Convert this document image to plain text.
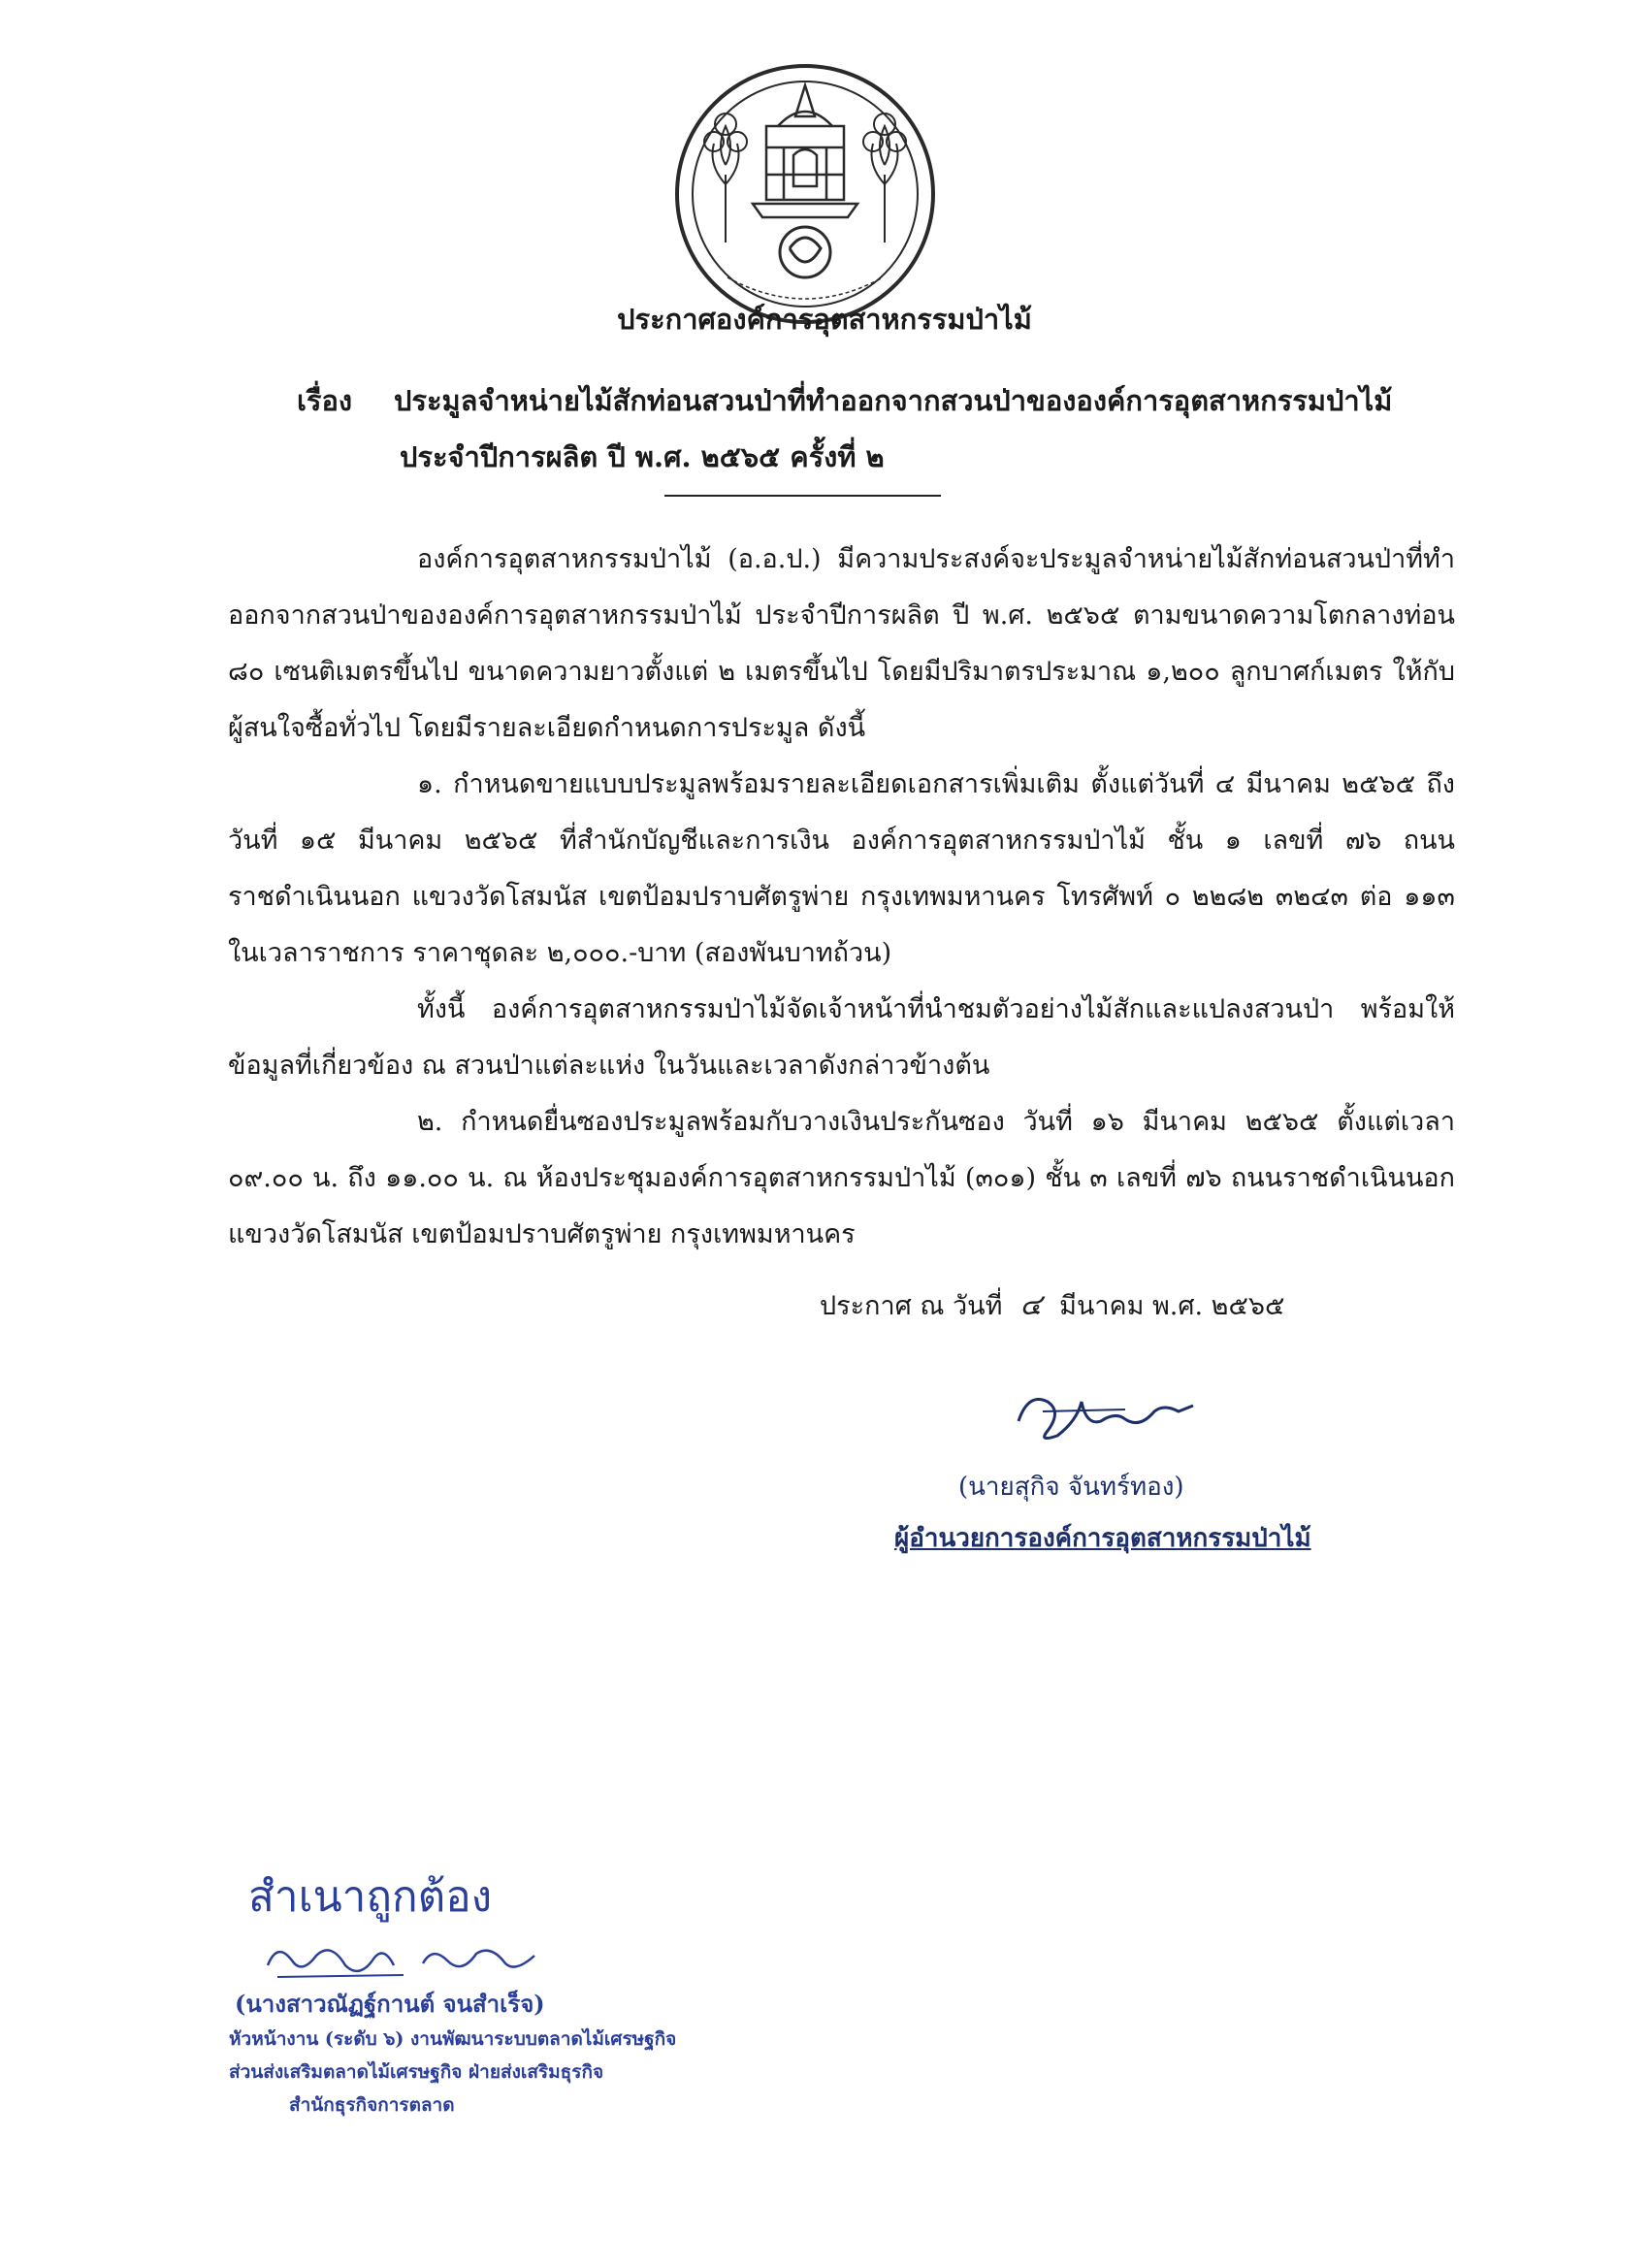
ประกาศองค์การอุตสาหกรรมป่าไม้
เรื่อง ประมูลจำหน่ายไม้สักท่อนสวนป่าที่ทำออกจากสวนป่าขององค์การอุตสาหกรรมป่าไม้
ประจำปีการผลิต ปี พ.ศ. ๒๕๖๕ ครั้งที่ ๒

องค์การอุตสาหกรรมป่าไม้ (อ.อ.ป.) มีความประสงค์จะประมูลจำหน่ายไม้สักท่อนสวนป่าที่ทำออกจากสวนป่าขององค์การอุตสาหกรรมป่าไม้ ประจำปีการผลิต ปี พ.ศ. ๒๕๖๕ ตามขนาดความโตกลางท่อน ๘๐ เซนติเมตรขึ้นไป ขนาดความยาวตั้งแต่ ๒ เมตรขึ้นไป โดยมีปริมาตรประมาณ ๑,๒๐๐ ลูกบาศก์เมตร ให้กับผู้สนใจซื้อทั่วไป โดยมีรายละเอียดกำหนดการประมูล ดังนี้

๑. กำหนดขายแบบประมูลพร้อมรายละเอียดเอกสารเพิ่มเติม ตั้งแต่วันที่ ๔ มีนาคม ๒๕๖๕ ถึงวันที่ ๑๕ มีนาคม ๒๕๖๕ ที่สำนักบัญชีและการเงิน องค์การอุตสาหกรรมป่าไม้ ชั้น ๑ เลขที่ ๗๖ ถนนราชดำเนินนอก แขวงวัดโสมนัส เขตป้อมปราบศัตรูพ่าย กรุงเทพมหานคร โทรศัพท์ ๐ ๒๒๘๒ ๓๒๔๓ ต่อ ๑๑๓ ในเวลาราชการ ราคาชุดละ ๒,๐๐๐.-บาท (สองพันบาทถ้วน)

ทั้งนี้ องค์การอุตสาหกรรมป่าไม้จัดเจ้าหน้าที่นำชมตัวอย่างไม้สักและแปลงสวนป่า พร้อมให้ข้อมูลที่เกี่ยวข้อง ณ สวนป่าแต่ละแห่ง ในวันและเวลาดังกล่าวข้างต้น

๒. กำหนดยื่นซองประมูลพร้อมกับวางเงินประกันซอง วันที่ ๑๖ มีนาคม ๒๕๖๕ ตั้งแต่เวลา ๐๙.๐๐ น. ถึง ๑๑.๐๐ น. ณ ห้องประชุมองค์การอุตสาหกรรมป่าไม้ (๓๐๑) ชั้น ๓ เลขที่ ๗๖ ถนนราชดำเนินนอก แขวงวัดโสมนัส เขตป้อมปราบศัตรูพ่าย กรุงเทพมหานคร

ประกาศ ณ วันที่ ๔ มีนาคม พ.ศ. ๒๕๖๕
(นายสุกิจ จันทร์ทอง)
ผู้อำนวยการองค์การอุตสาหกรรมป่าไม้
สำเนาถูกต้อง
(นางสาวณัฏฐ์กานต์ จนสำเร็จ)
หัวหน้างาน (ระดับ ๖) งานพัฒนาระบบตลาดไม้เศรษฐกิจ
ส่วนส่งเสริมตลาดไม้เศรษฐกิจ ฝ่ายส่งเสริมธุรกิจ
สำนักธุรกิจการตลาด
